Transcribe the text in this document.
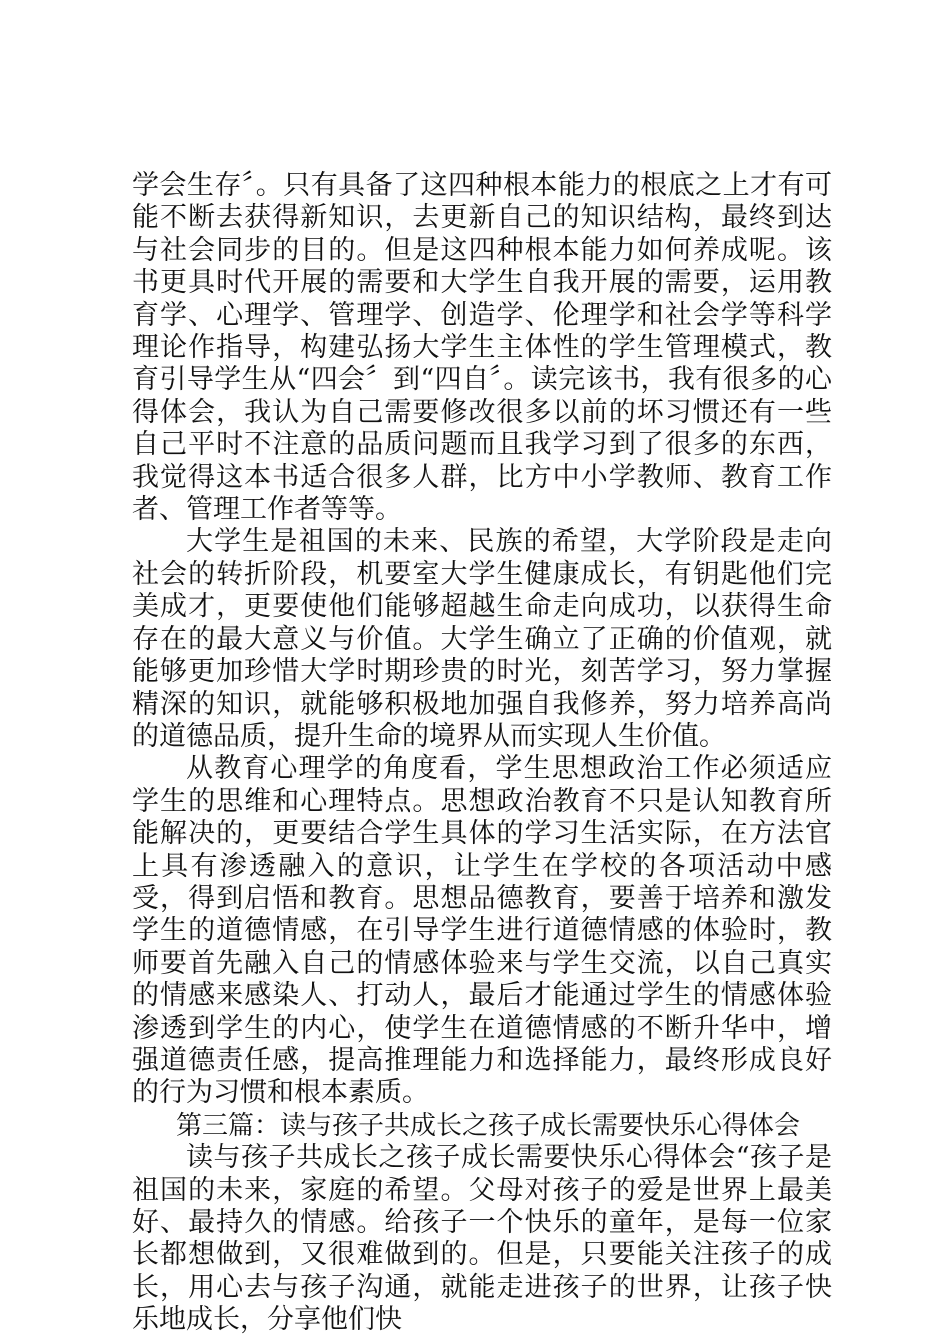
学会生存〞。只有具备了这四种根本能力的根底之上才有可能不断去获得新知识，去更新自己的知识结构，最终到达与社会同步的目的。但是这四种根本能力如何养成呢。该书更具时代开展的需要和大学生自我开展的需要，运用教育学、心理学、管理学、创造学、伦理学和社会学等科学理论作指导，构建弘扬大学生主体性的学生管理模式，教育引导学生从“四会〞到“四自〞。读完该书，我有很多的心得体会，我认为自己需要修改很多以前的坏习惯还有一些自己平时不注意的品质问题而且我学习到了很多的东西，我觉得这本书适合很多人群，比方中小学教师、教育工作者、管理工作者等等。

大学生是祖国的未来、民族的希望，大学阶段是走向社会的转折阶段，机要室大学生健康成长，有钥匙他们完美成才，更要使他们能够超越生命走向成功，以获得生命存在的最大意义与价值。大学生确立了正确的价值观，就能够更加珍惜大学时期珍贵的时光，刻苦学习，努力掌握精深的知识，就能够积极地加强自我修养，努力培养高尚的道德品质，提升生命的境界从而实现人生价值。

从教育心理学的角度看，学生思想政治工作必须适应学生的思维和心理特点。思想政治教育不只是认知教育所能解决的，更要结合学生具体的学习生活实际，在方法官上具有渗透融入的意识，让学生在学校的各项活动中感受，得到启悟和教育。思想品德教育，要善于培养和激发学生的道德情感，在引导学生进行道德情感的体验时，教师要首先融入自己的情感体验来与学生交流，以自己真实的情感来感染人、打动人，最后才能通过学生的情感体验渗透到学生的内心，使学生在道德情感的不断升华中，增强道德责任感，提高推理能力和选择能力，最终形成良好的行为习惯和根本素质。

第三篇：读与孩子共成长之孩子成长需要快乐心得体会

读与孩子共成长之孩子成长需要快乐心得体会“孩子是祖国的未来，家庭的希望。父母对孩子的爱是世界上最美好、最持久的情感。给孩子一个快乐的童年，是每一位家长都想做到，又很难做到的。但是，只要能关注孩子的成长，用心去与孩子沟通，就能走进孩子的世界，让孩子快乐地成长，分享他们快
